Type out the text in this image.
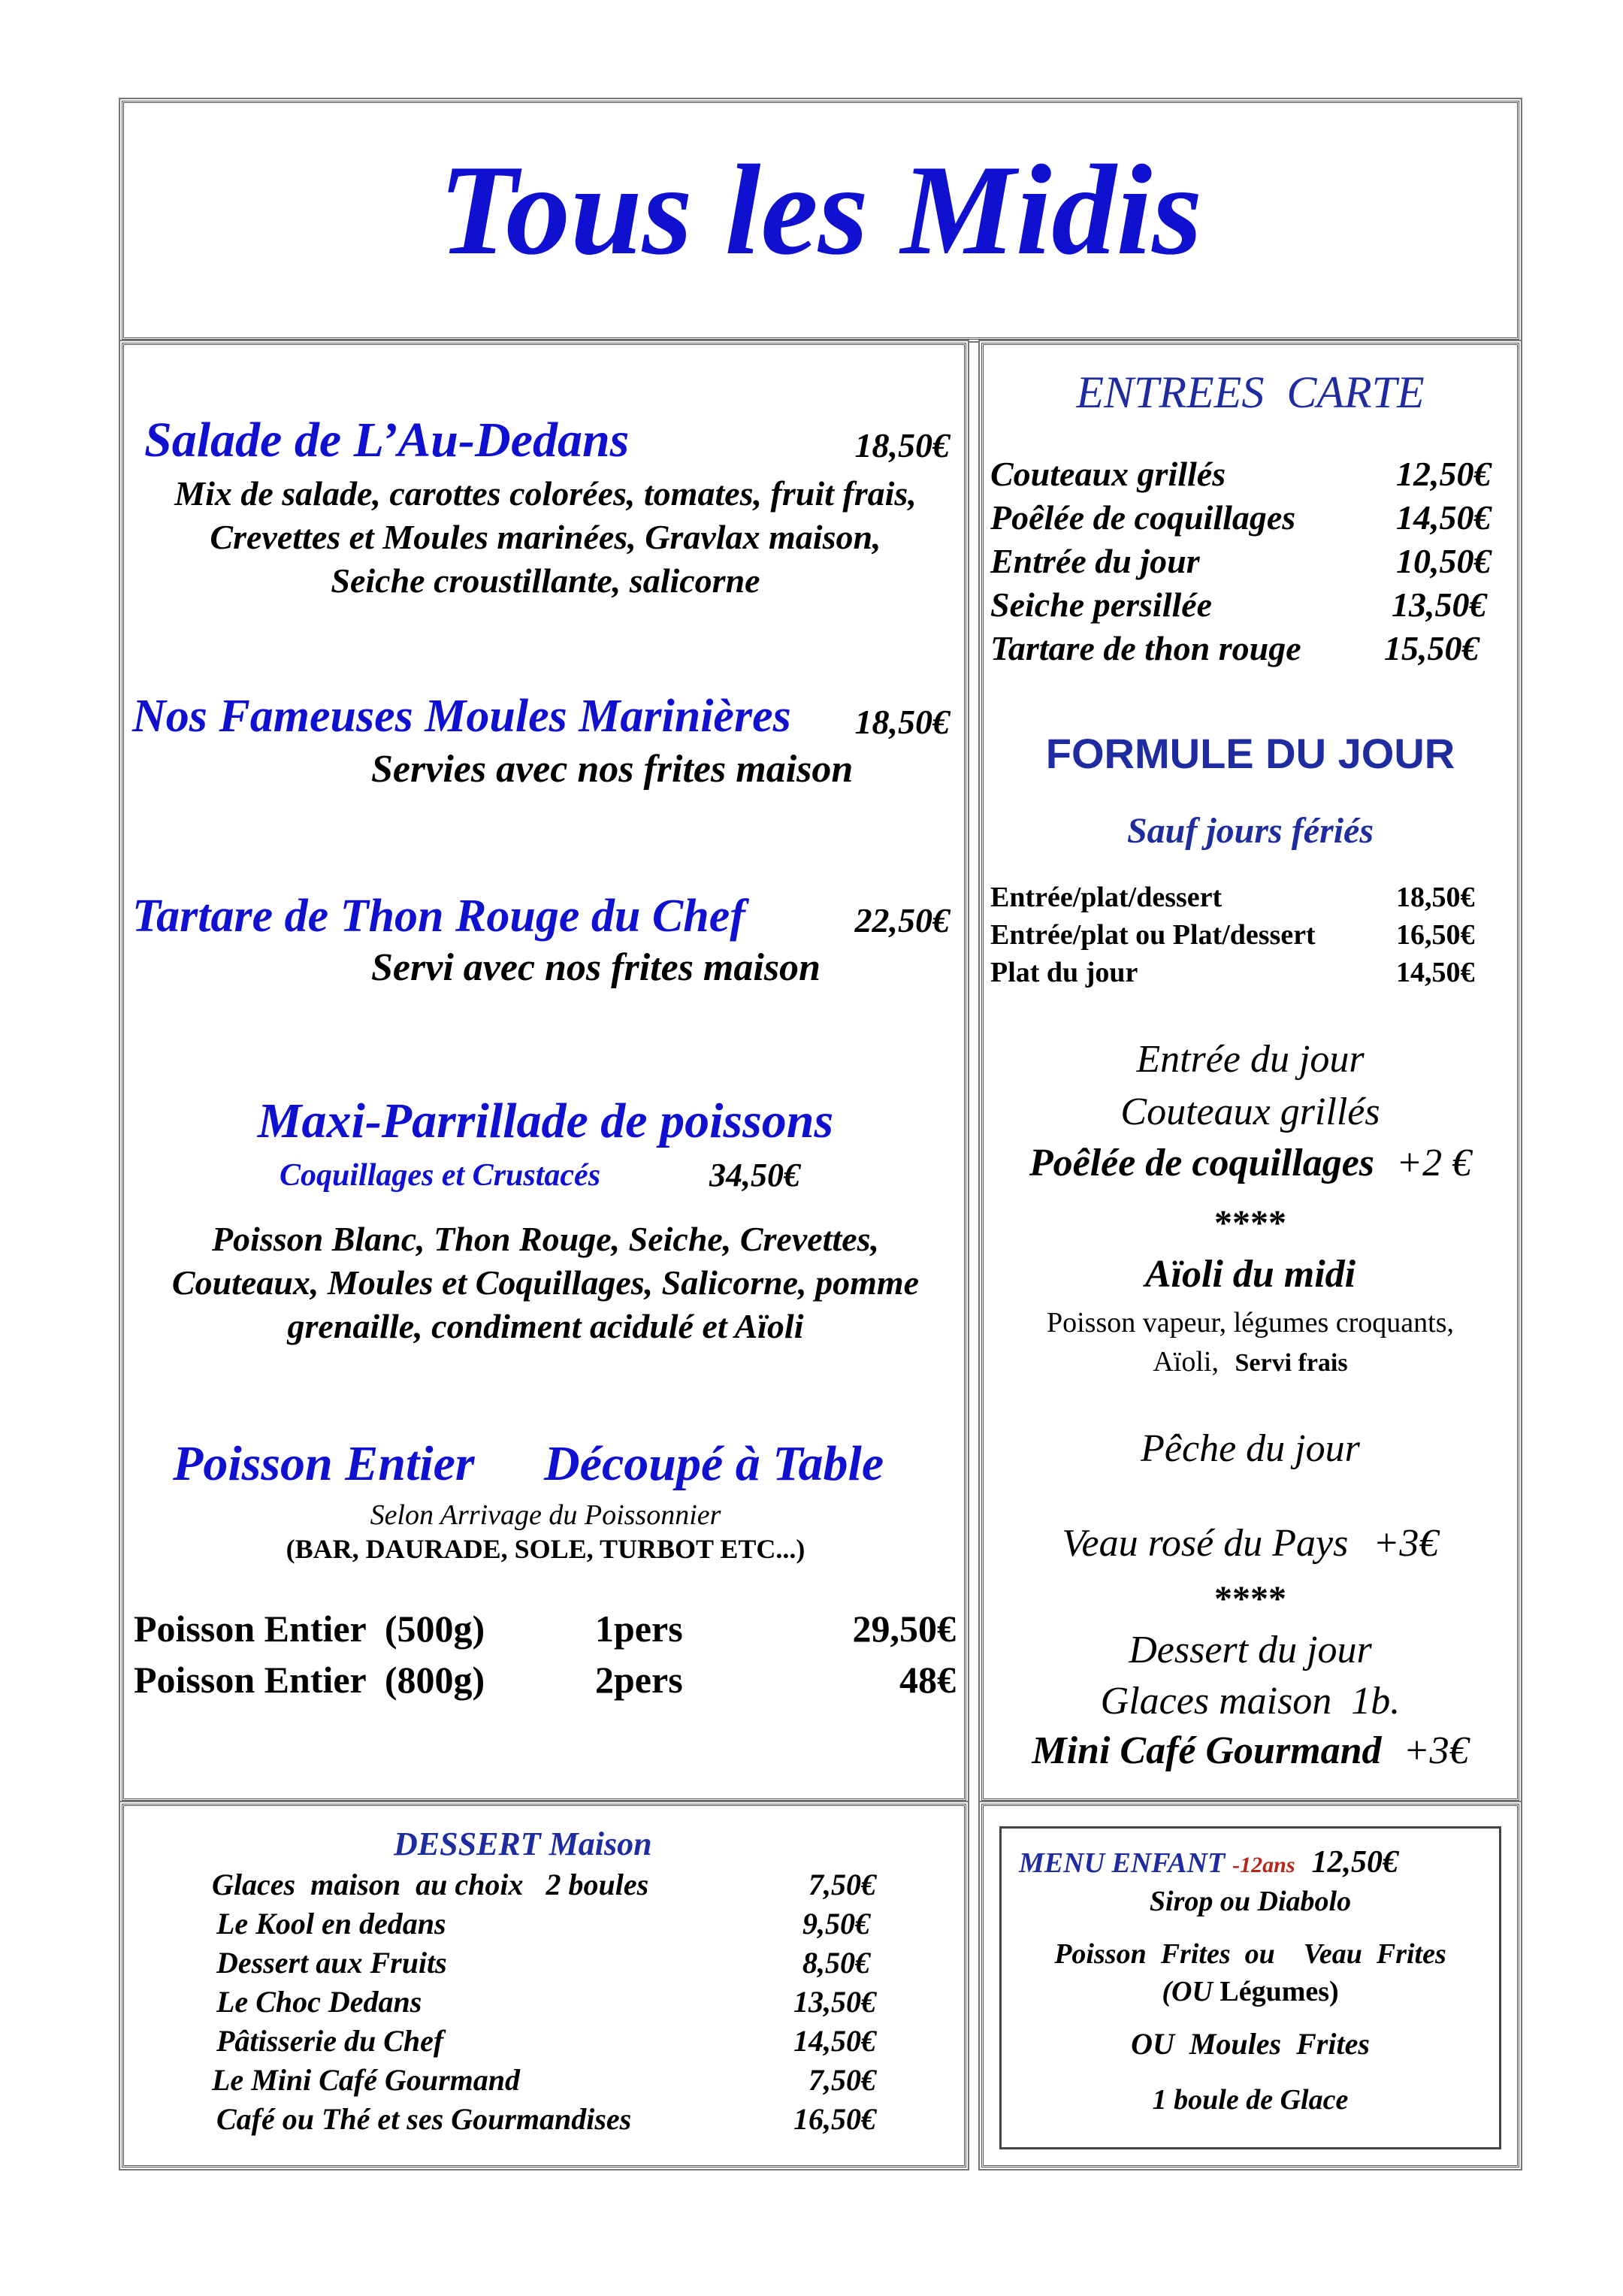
Tous les Midis
Salade de L’Au-Dedans	18,50€
Mix de salade, carottes colorées, tomates, fruit frais,
Crevettes et Moules marinées, Gravlax maison,
Seiche croustillante, salicorne
Nos Fameuses Moules Marinières	18,50€
Servies avec nos frites maison
Tartare de Thon Rouge du Chef	22,50€
Servi avec nos frites maison
Maxi-Parrillade de poissons
Coquillages et Crustacés	34,50€
Poisson Blanc, Thon Rouge, Seiche, Crevettes,
Couteaux, Moules et Coquillages, Salicorne, pomme
grenaille, condiment acidulé et Aïoli
Poisson Entier Découpé à Table
Selon Arrivage du Poissonnier
(BAR, DAURADE, SOLE, TURBOT ETC...)
Poisson Entier  (500g)	1pers	29,50€
Poisson Entier  (800g)	2pers	48€
ENTREES  CARTE
Couteaux grillés	12,50€
Poêlée de coquillages	14,50€
Entrée du jour	10,50€
Seiche persillée	13,50€
Tartare de thon rouge 15,50€
FORMULE DU JOUR
Sauf jours fériés
Entrée/plat/dessert	18,50€
Entrée/plat ou Plat/dessert	16,50€
Plat du jour	14,50€
Entrée du jour
Couteaux grillés
Poêlée de coquillages +2 €
****
Aïoli du midi
Poisson vapeur, légumes croquants,
Aïoli, Servi frais
Pêche du jour
Veau rosé du Pays +3€
****
Dessert du jour
Glaces maison  1b.
Mini Café Gourmand +3€
DESSERT Maison
Glaces  maison  au choix   2 boules	7,50€
Le Kool en dedans	9,50€
Dessert aux Fruits	8,50€
Le Choc Dedans	13,50€
Pâtisserie du Chef	14,50€
Le Mini Café Gourmand	7,50€
Café ou Thé et ses Gourmandises	16,50€
MENU ENFANT -12ans 12,50€
Sirop ou Diabolo
Poisson  Frites  ou    Veau  Frites
(OU Légumes)
OU  Moules  Frites
1 boule de Glace
